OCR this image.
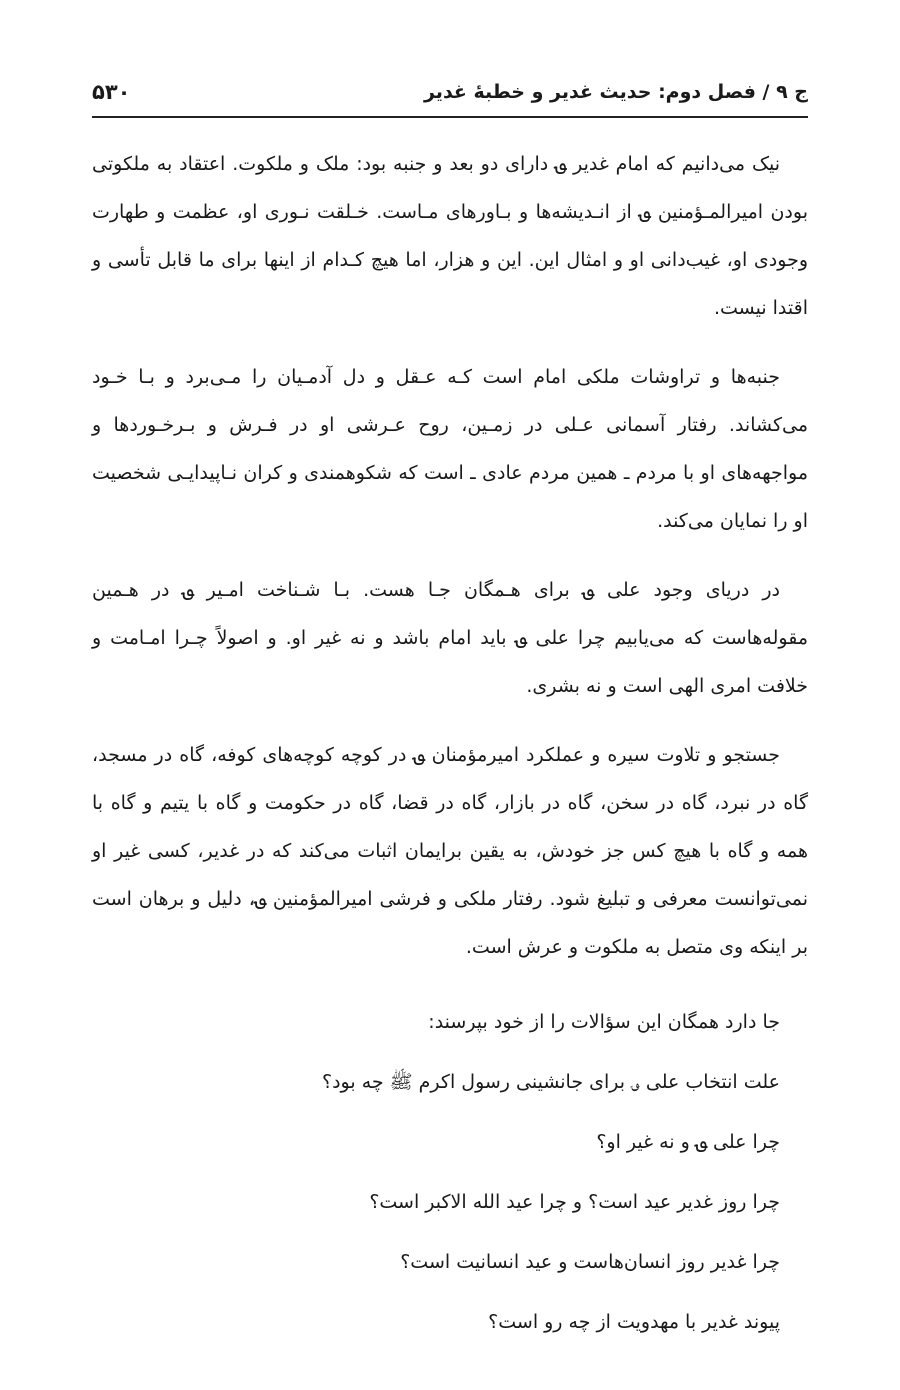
۵۳۰	ج ۹ / فصل دوم: حدیث غدیر و خطبهٔ غدیر

نیک می‌دانیم که امام غدیر ؈ دارای دو بعد و جنبه بود: ملک و ملکوت. اعتقاد به ملکوتی بودن امیرالمـؤمنین ؈ از انـدیشه‌ها و بـاورهای مـاست. خـلقت نـوری او، عظمت و طهارت وجودی او، غیب‌دانی او و امثال این. این و هزار، اما هیچ کـدام از اینها برای ما قابل تأسی و اقتدا نیست.

جنبه‌ها و تراوشات ملکی امام است کـه عـقل و دل آدمـیان را مـی‌برد و بـا خـود می‌کشاند. رفتار آسمانی عـلی در زمـین، روح عـرشی او در فـرش و بـرخـوردها و مواجهه‌های او با مردم ـ همین مردم عادی ـ است که شکوهمندی و کران نـاپیدایـی شخصیت او را نمایان می‌کند.

در دریای وجود علی ؈ برای هـمگان جـا هست. بـا شـناخت امـیر ؈ در هـمین مقوله‌هاست که می‌یابیم چرا علی ؈ باید امام باشد و نه غیر او. و اصولاً چـرا امـامت و خلافت امری الهی است و نه بشری.

جستجو و تلاوت سیره و عملکرد امیرمؤمنان ؈ در کوچه کوچه‌های کوفه، گاه در مسجد، گاه در نبرد، گاه در سخن، گاه در بازار، گاه در قضا، گاه در حکومت و گاه با یتیم و گاه با همه و گاه با هیچ کس جز خودش، به یقین برایمان اثبات می‌کند که در غدیر، کسی غیر او نمی‌توانست معرفی و تبلیغ شود. رفتار ملکی و فرشی امیرالمؤمنین ؈، دلیل و برهان است بر اینکه وی متصل به ملکوت و عرش است.

جا دارد همگان این سؤالات را از خود بپرسند:

علت انتخاب علی ؈ برای جانشینی رسول اکرم ﷺ چه بود؟

چرا علی ؈ و نه غیر او؟

چرا روز غدیر عید است؟ و چرا عید الله الاکبر است؟

چرا غدیر روز انسان‌هاست و عید انسانیت است؟

پیوند غدیر با مهدویت از چه رو است؟
